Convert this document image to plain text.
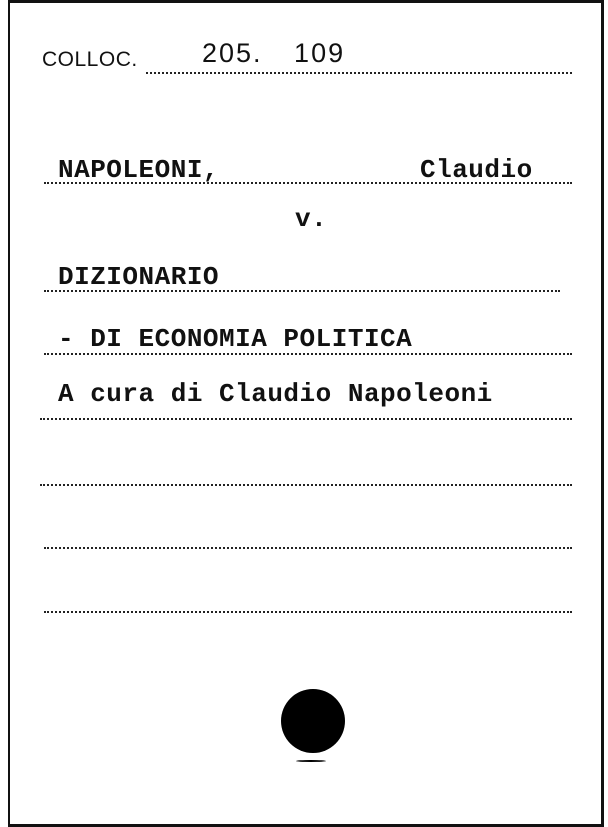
COLLOC. 205. 109
NAPOLEONI,	Claudio
v.
DIZIONARIO
- DI ECONOMIA POLITICA
A cura di Claudio Napoleoni
